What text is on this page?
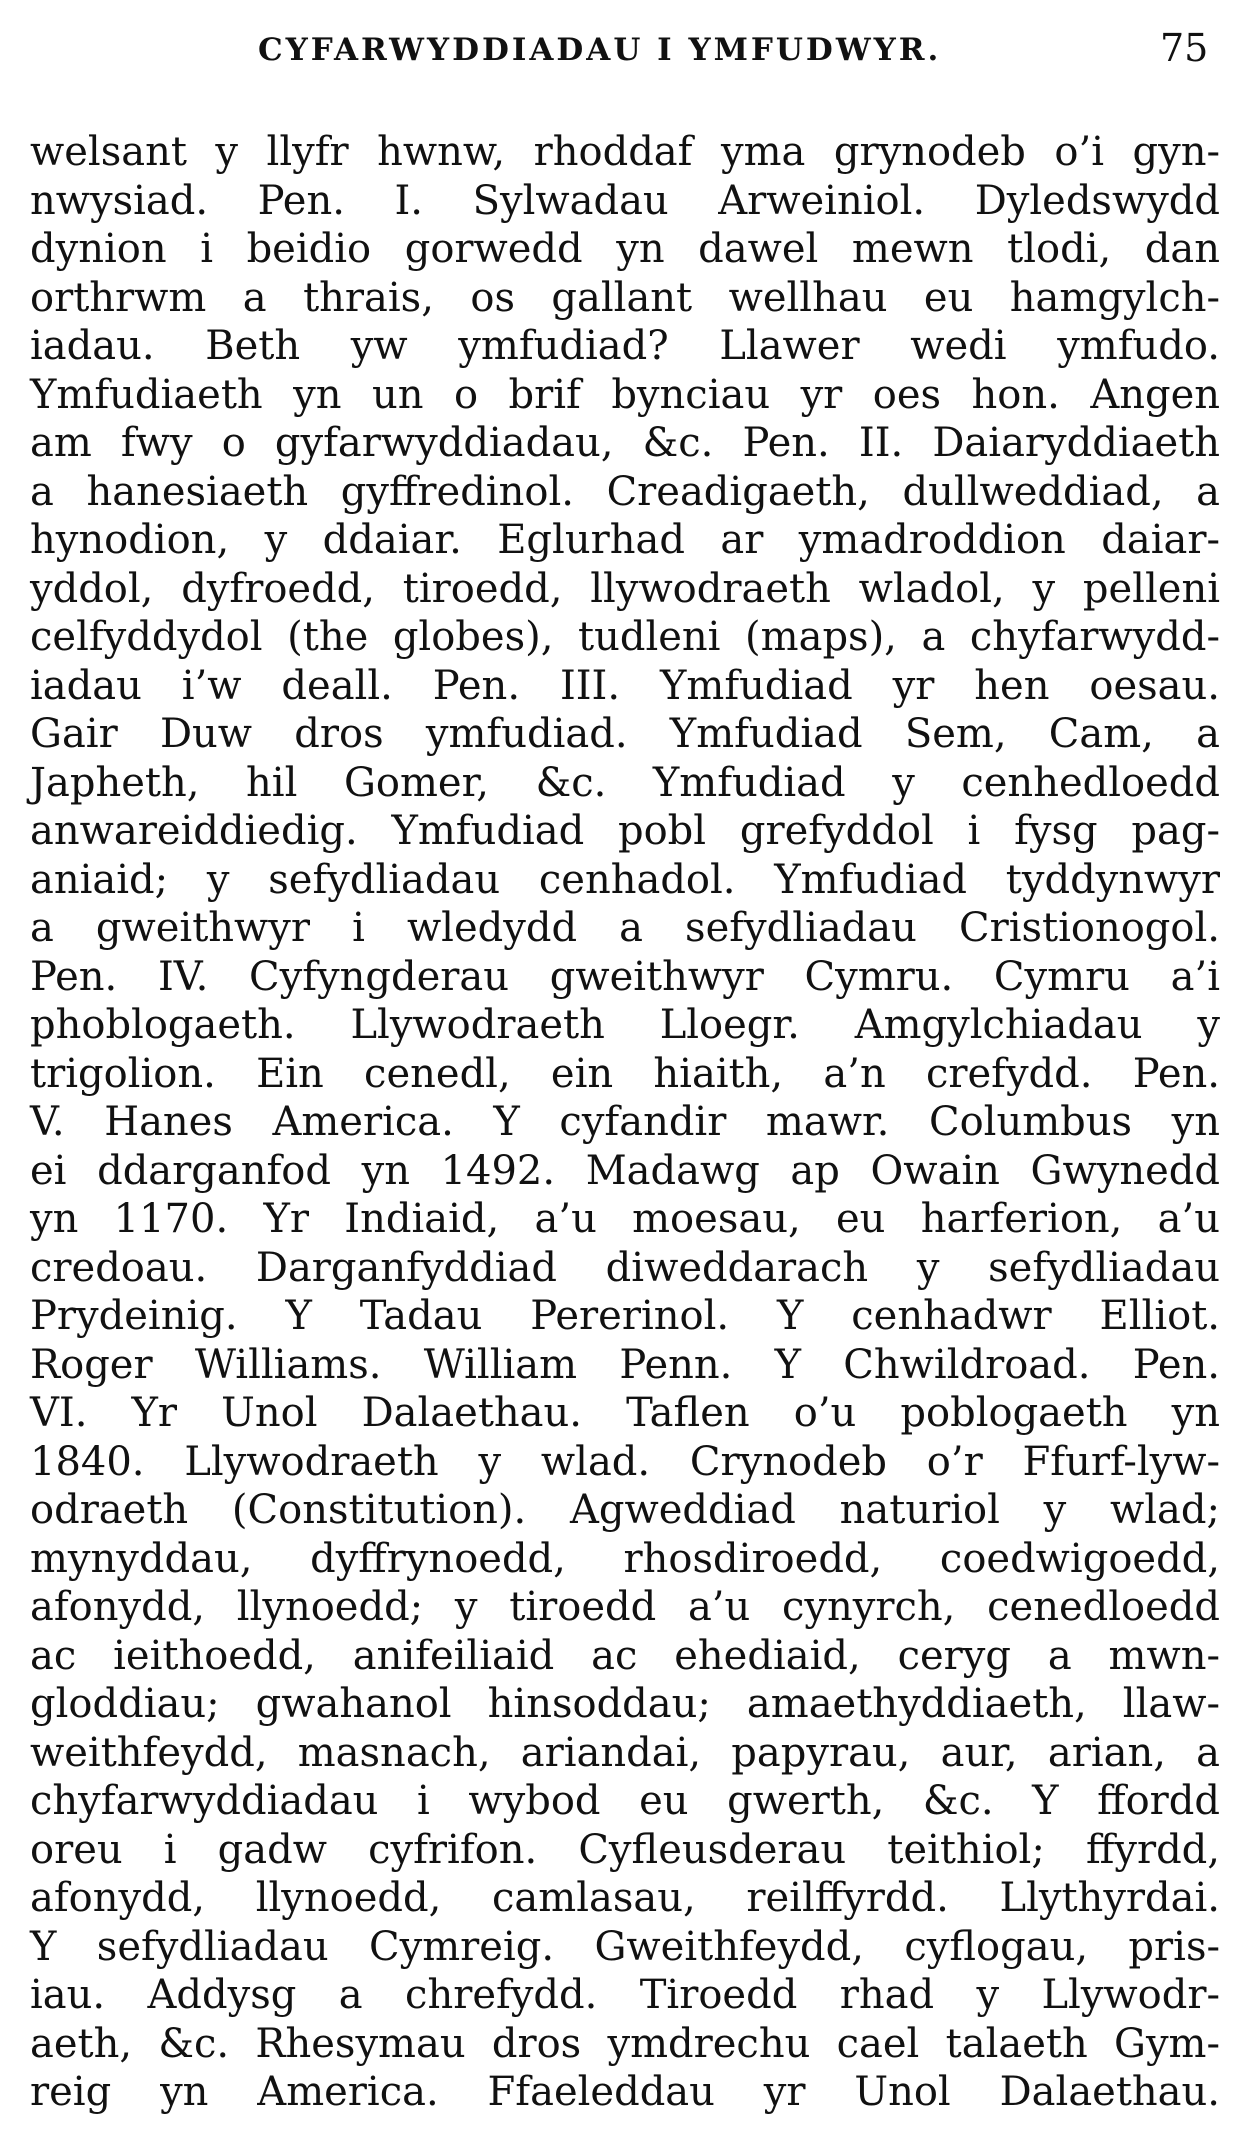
CYFARWYDDIADAU I YMFUDWYR.	75
welsant y llyfr hwnw, rhoddaf yma grynodeb o’i gyn-
nwysiad. Pen. I. Sylwadau Arweiniol. Dyledswydd
dynion i beidio gorwedd yn dawel mewn tlodi, dan
orthrwm a thrais, os gallant wellhau eu hamgylch-
iadau. Beth yw ymfudiad? Llawer wedi ymfudo.
Ymfudiaeth yn un o brif bynciau yr oes hon. Angen
am fwy o gyfarwyddiadau, &c. Pen. II. Daiaryddiaeth
a hanesiaeth gyffredinol. Creadigaeth, dullweddiad, a
hynodion, y ddaiar. Eglurhad ar ymadroddion daiar-
yddol, dyfroedd, tiroedd, llywodraeth wladol, y pelleni
celfyddydol (the globes), tudleni (maps), a chyfarwydd-
iadau i’w deall. Pen. III. Ymfudiad yr hen oesau.
Gair Duw dros ymfudiad. Ymfudiad Sem, Cam, a
Japheth, hil Gomer, &c. Ymfudiad y cenhedloedd
anwareiddiedig. Ymfudiad pobl grefyddol i fysg pag-
aniaid; y sefydliadau cenhadol. Ymfudiad tyddynwyr
a gweithwyr i wledydd a sefydliadau Cristionogol.
Pen. IV. Cyfyngderau gweithwyr Cymru. Cymru a’i
phoblogaeth. Llywodraeth Lloegr. Amgylchiadau y
trigolion. Ein cenedl, ein hiaith, a’n crefydd. Pen.
V. Hanes America. Y cyfandir mawr. Columbus yn
ei ddarganfod yn 1492. Madawg ap Owain Gwynedd
yn 1170. Yr Indiaid, a’u moesau, eu harferion, a’u
credoau. Darganfyddiad diweddarach y sefydliadau
Prydeinig. Y Tadau Pererinol. Y cenhadwr Elliot.
Roger Williams. William Penn. Y Chwildroad. Pen.
VI. Yr Unol Dalaethau. Taflen o’u poblogaeth yn
1840. Llywodraeth y wlad. Crynodeb o’r Ffurf-lyw-
odraeth (Constitution). Agweddiad naturiol y wlad;
mynyddau, dyffrynoedd, rhosdiroedd, coedwigoedd,
afonydd, llynoedd; y tiroedd a’u cynyrch, cenedloedd
ac ieithoedd, anifeiliaid ac ehediaid, ceryg a mwn-
gloddiau; gwahanol hinsoddau; amaethyddiaeth, llaw-
weithfeydd, masnach, ariandai, papyrau, aur, arian, a
chyfarwyddiadau i wybod eu gwerth, &c. Y ffordd
oreu i gadw cyfrifon. Cyfleusderau teithiol; ffyrdd,
afonydd, llynoedd, camlasau, reilffyrdd. Llythyrdai.
Y sefydliadau Cymreig. Gweithfeydd, cyflogau, pris-
iau. Addysg a chrefydd. Tiroedd rhad y Llywodr-
aeth, &c. Rhesymau dros ymdrechu cael talaeth Gym-
reig yn America. Ffaeleddau yr Unol Dalaethau.
